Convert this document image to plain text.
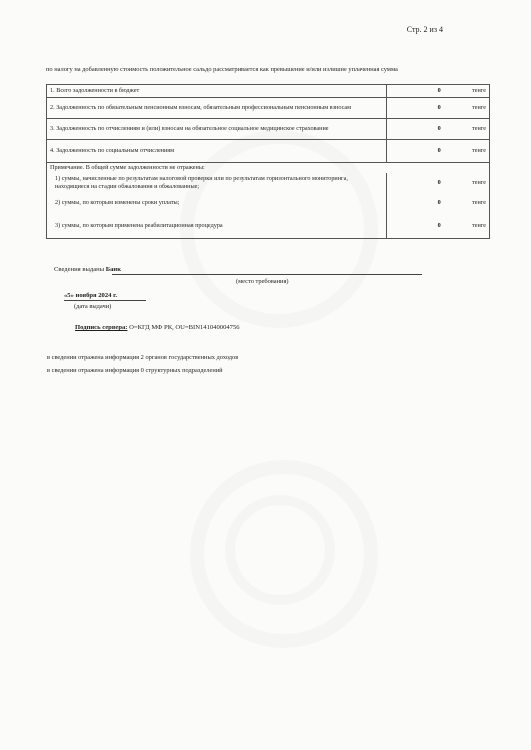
Стр. 2 из 4
по налогу на добавленную стоимость положительное сальдо рассматривается как превышение и/или излишне уплаченная сумма
1. Всего задолженности в бюджет	0	тенге
2. Задолженность по обязательным пенсионным взносам, обязательным профессиональным пенсионным взносам	0	тенге
3. Задолженность по отчислениям и (или) взносам на обязательное социальное медицинское страхование	0	тенге
4. Задолженность по социальным отчислениям	0	тенге
Примечание. В общей сумме задолженности не отражены:		
1) суммы, начисленные по результатам налоговой проверки или по результатам горизонтального мониторинга, находящиеся на стадии обжалования и обжалованные;	0	тенге
2) суммы, по которым изменены сроки уплаты;	0	тенге
3) суммы, по которым применена реабилитационная процедура	0	тенге
Сведения выданы Банк
(место требования)
«5» ноября 2024 г.
(дата выдачи)
Подпись сервера: O=КГД МФ РК, OU=BIN141040004756
в сведении отражена информация 2 органов государственных доходов
в сведении отражена информация 0 структурных подразделений
